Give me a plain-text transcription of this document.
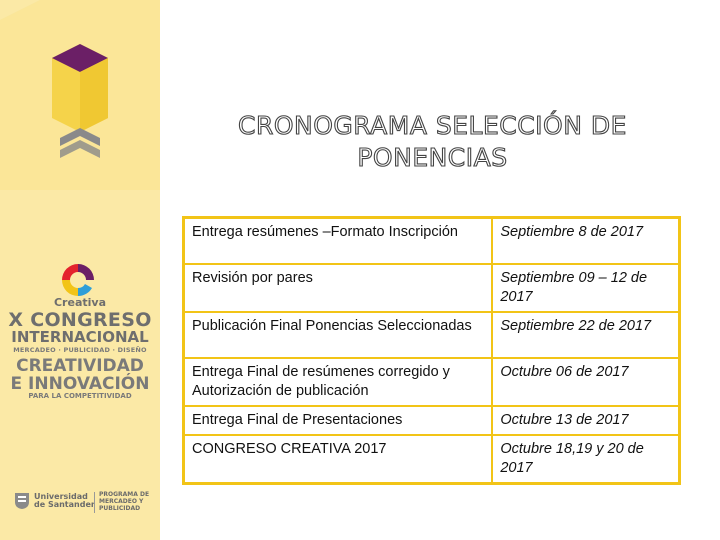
Creativa
X CONGRESO
INTERNACIONAL
MERCADEO · PUBLICIDAD · DISEÑO
CREATIVIDAD
E INNOVACIÓN
PARA LA COMPETITIVIDAD
Universidad
de Santander
PROGRAMA DE
MERCADEO Y
PUBLICIDAD
CRONOGRAMA SELECCIÓN DE
PONENCIAS
Entrega resúmenes –Formato Inscripción	Septiembre 8 de 2017
Revisión por pares	Septiembre 09 – 12 de 2017
Publicación Final Ponencias Seleccionadas	Septiembre 22 de 2017
Entrega Final de resúmenes corregido y Autorización de publicación	Octubre 06 de 2017
Entrega Final de Presentaciones	Octubre 13 de 2017
CONGRESO CREATIVA 2017	Octubre 18,19 y 20 de 2017
